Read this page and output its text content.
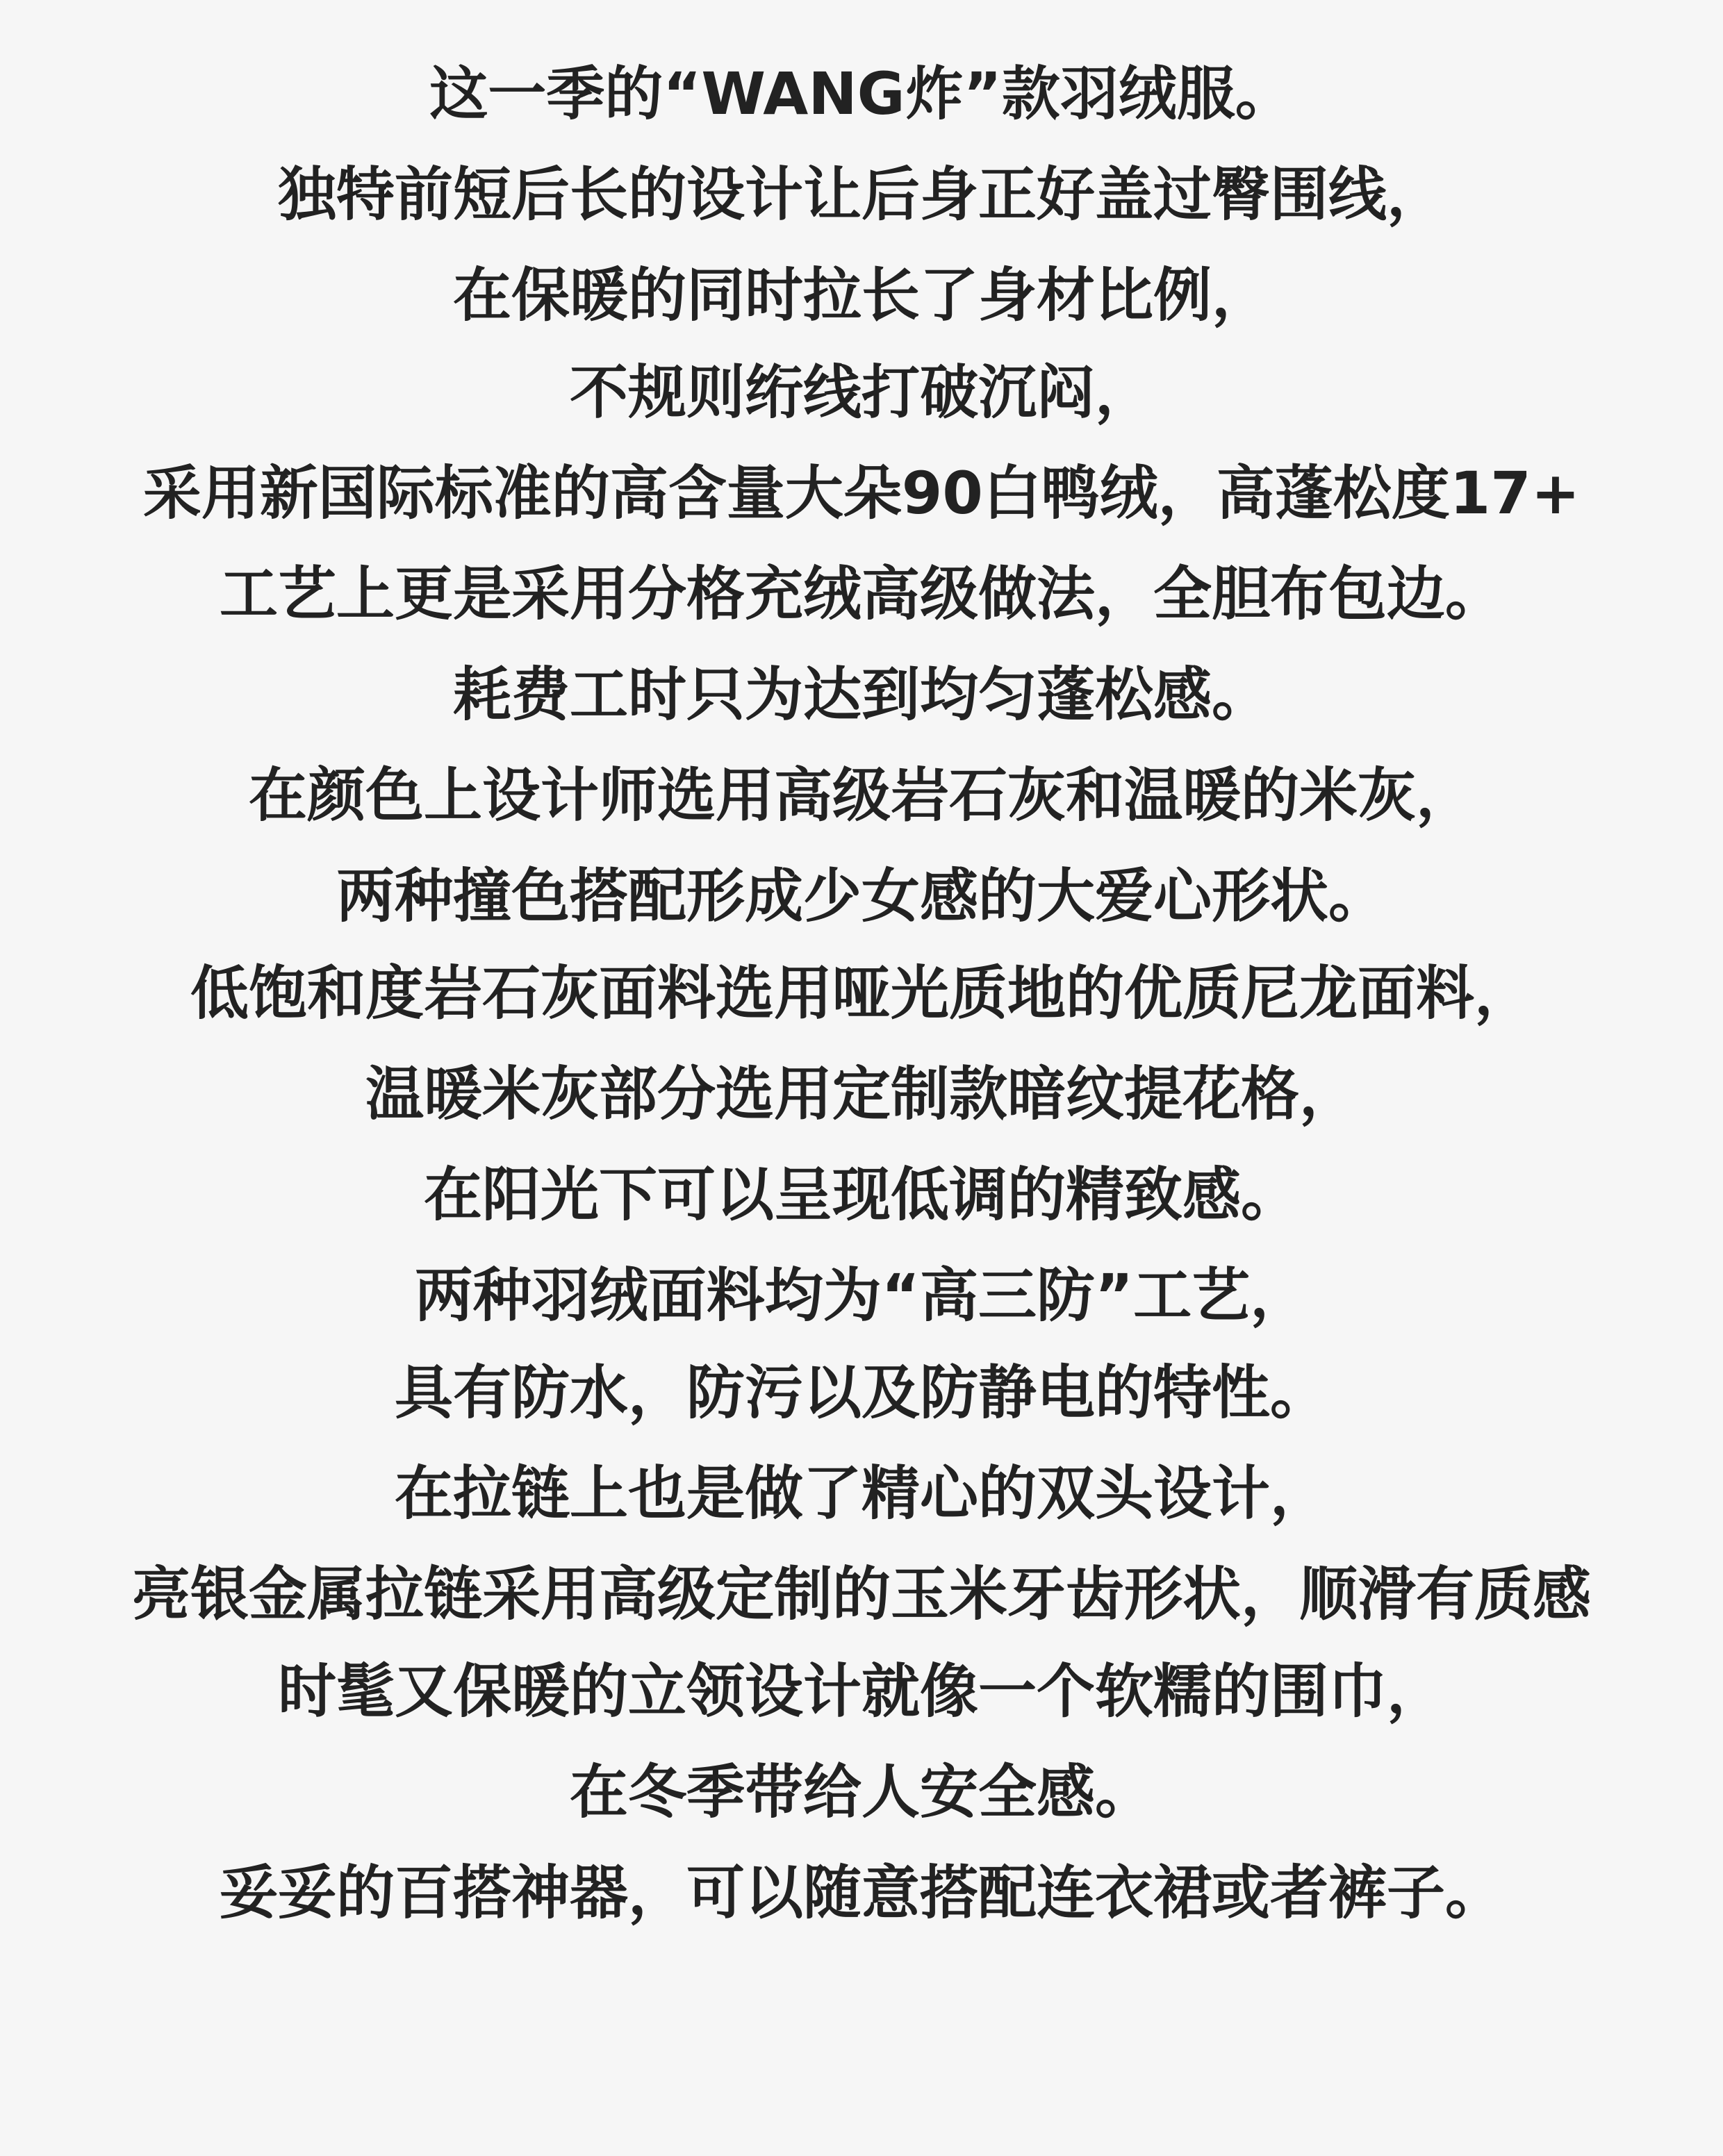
这一季的“WANG炸”款羽绒服。
独特前短后长的设计让后身正好盖过臀围线，
在保暖的同时拉长了身材比例，
不规则绗线打破沉闷，
采用新国际标准的高含量大朵90白鸭绒，高蓬松度17+
工艺上更是采用分格充绒高级做法，全胆布包边。
耗费工时只为达到均匀蓬松感。
在颜色上设计师选用高级岩石灰和温暖的米灰，
两种撞色搭配形成少女感的大爱心形状。
低饱和度岩石灰面料选用哑光质地的优质尼龙面料，
温暖米灰部分选用定制款暗纹提花格，
在阳光下可以呈现低调的精致感。
两种羽绒面料均为“高三防”工艺，
具有防水，防污以及防静电的特性。
在拉链上也是做了精心的双头设计，
亮银金属拉链采用高级定制的玉米牙齿形状，顺滑有质感
时髦又保暖的立领设计就像一个软糯的围巾，
在冬季带给人安全感。
妥妥的百搭神器，可以随意搭配连衣裙或者裤子。
